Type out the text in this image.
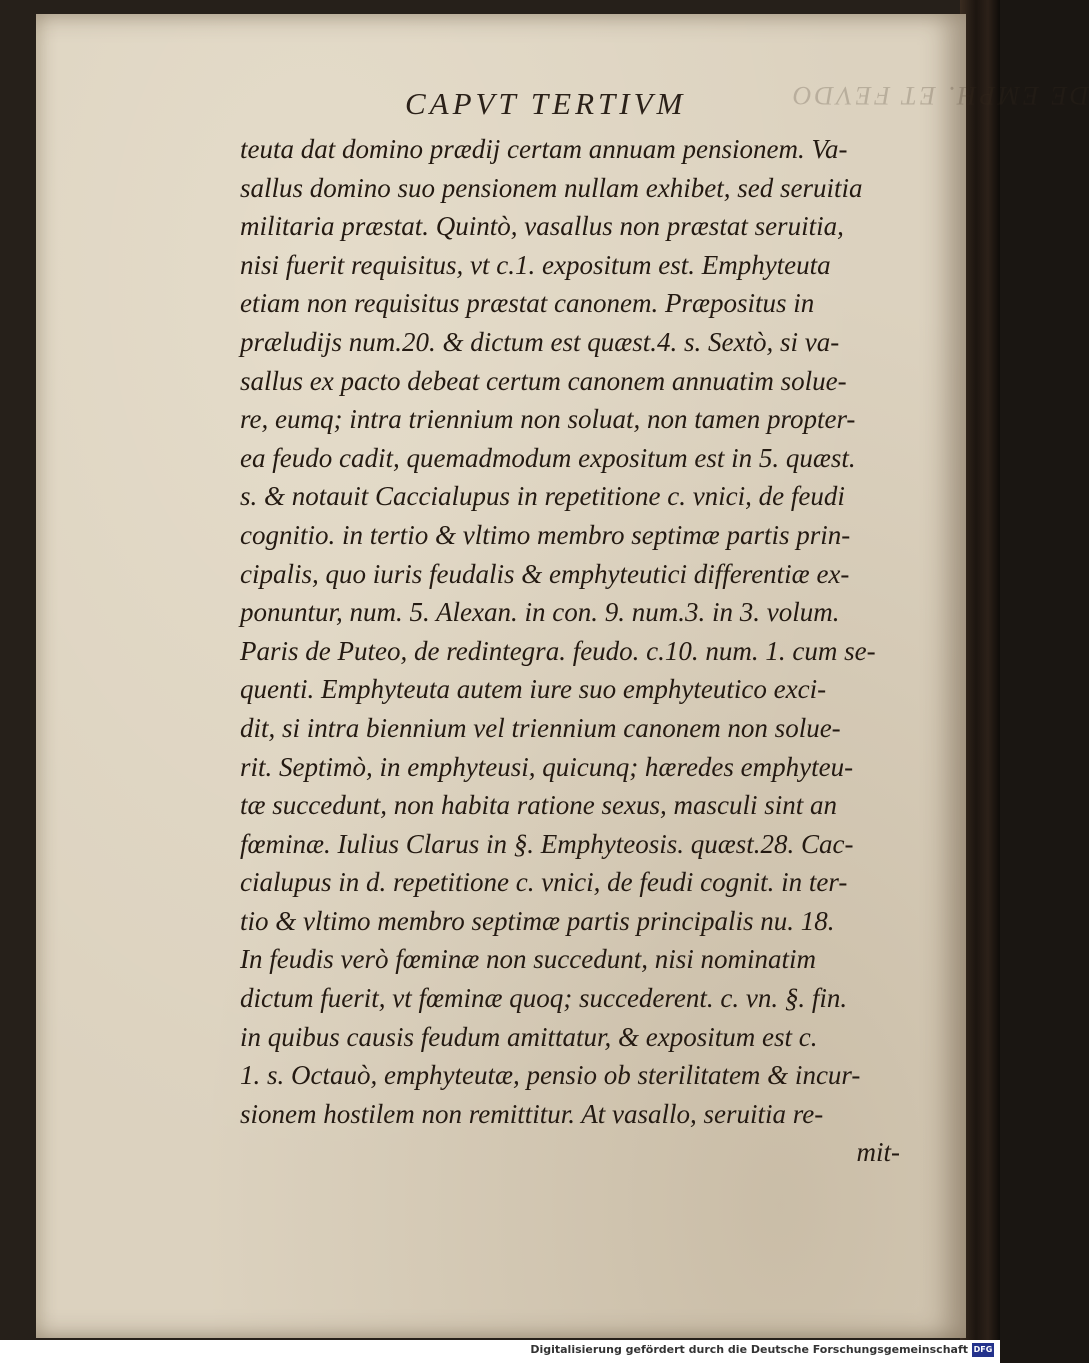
DE EMPH. ET FEVDO
CAPVT TERTIVM
teuta dat domino prædij certam annuam pensionem. Va-
sallus domino suo pensionem nullam exhibet, sed seruitia
militaria præstat. Quintò, vasallus non præstat seruitia,
nisi fuerit requisitus, vt c.1. expositum est. Emphyteuta
etiam non requisitus præstat canonem. Præpositus in
præludijs num.20. & dictum est quæst.4. s. Sextò, si va-
sallus ex pacto debeat certum canonem annuatim solue-
re, eumq; intra triennium non soluat, non tamen propter-
ea feudo cadit, quemadmodum expositum est in 5. quæst.
s. & notauit Caccialupus in repetitione c. vnici, de feudi
cognitio. in tertio & vltimo membro septimæ partis prin-
cipalis, quo iuris feudalis & emphyteutici differentiæ ex-
ponuntur, num. 5. Alexan. in con. 9. num.3. in 3. volum.
Paris de Puteo, de redintegra. feudo. c.10. num. 1. cum se-
quenti. Emphyteuta autem iure suo emphyteutico exci-
dit, si intra biennium vel triennium canonem non solue-
rit. Septimò, in emphyteusi, quicunq; hæredes emphyteu-
tæ succedunt, non habita ratione sexus, masculi sint an
fœminæ. Iulius Clarus in §. Emphyteosis. quæst.28. Cac-
cialupus in d. repetitione c. vnici, de feudi cognit. in ter-
tio & vltimo membro septimæ partis principalis nu. 18.
In feudis verò fœminæ non succedunt, nisi nominatim
dictum fuerit, vt fœminæ quoq; succederent. c. vn. §. fin.
in quibus causis feudum amittatur, & expositum est c.
1. s. Octauò, emphyteutæ, pensio ob sterilitatem & incur-
sionem hostilem non remittitur. At vasallo, seruitia re-
mit-
Digitalisierung gefördert durch die Deutsche Forschungsgemeinschaft DFG
